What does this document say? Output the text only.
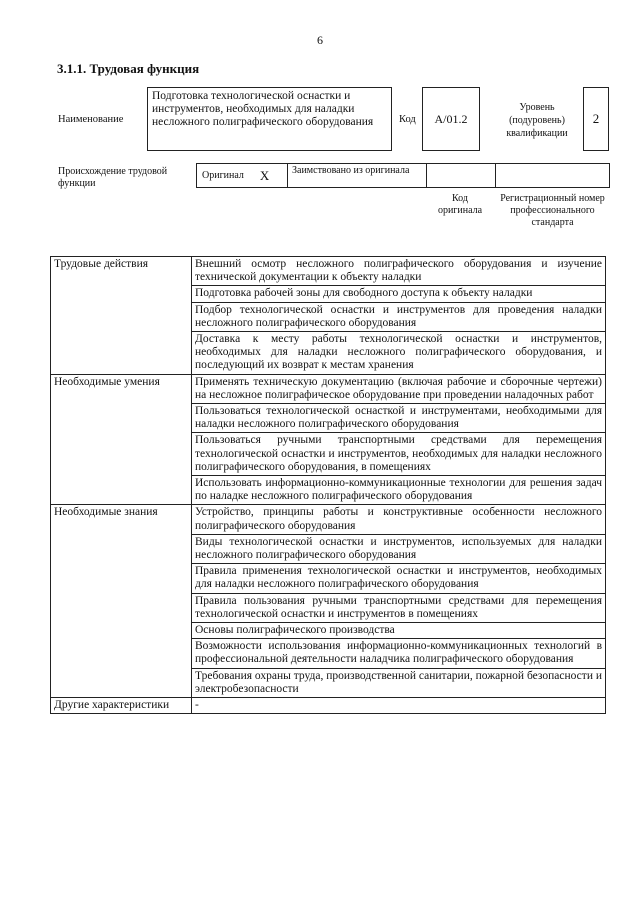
6
3.1.1. Трудовая функция
Наименование
Подготовка технологической оснастки и инструментов, необходимых для наладки несложного полиграфического оборудования	Код	А/01.2
Уровень (подуровень) квалификации
2
Происхождение трудовой функции
Оригинал X	Заимствовано из оригинала
Код оригинала
Регистрационный номер профессионального стандарта
Трудовые действия	Внешний осмотр несложного полиграфического оборудования и изучение технической документации к объекту наладки
	Подготовка рабочей зоны для свободного доступа к объекту наладки
	Подбор технологической оснастки и инструментов для проведения наладки несложного полиграфического оборудования
	Доставка к месту работы технологической оснастки и инструментов, необходимых для наладки несложного полиграфического оборудования, и последующий их возврат к местам хранения
Необходимые умения	Применять техническую документацию (включая рабочие и сборочные чертежи) на несложное полиграфическое оборудование при проведении наладочных работ
	Пользоваться технологической оснасткой и инструментами, необходимыми для наладки несложного полиграфического оборудования
	Пользоваться ручными транспортными средствами для перемещения технологической оснастки и инструментов, необходимых для наладки несложного полиграфического оборудования, в помещениях
	Использовать информационно-коммуникационные технологии для решения задач по наладке несложного полиграфического оборудования
Необходимые знания	Устройство, принципы работы и конструктивные особенности несложного полиграфического оборудования
	Виды технологической оснастки и инструментов, используемых для наладки несложного полиграфического оборудования
	Правила применения технологической оснастки и инструментов, необходимых для наладки несложного полиграфического оборудования
	Правила пользования ручными транспортными средствами для перемещения технологической оснастки и инструментов в помещениях
	Основы полиграфического производства
	Возможности использования информационно-коммуникационных технологий в профессиональной деятельности наладчика полиграфического оборудования
	Требования охраны труда, производственной санитарии, пожарной безопасности и электробезопасности
Другие характеристики	-
